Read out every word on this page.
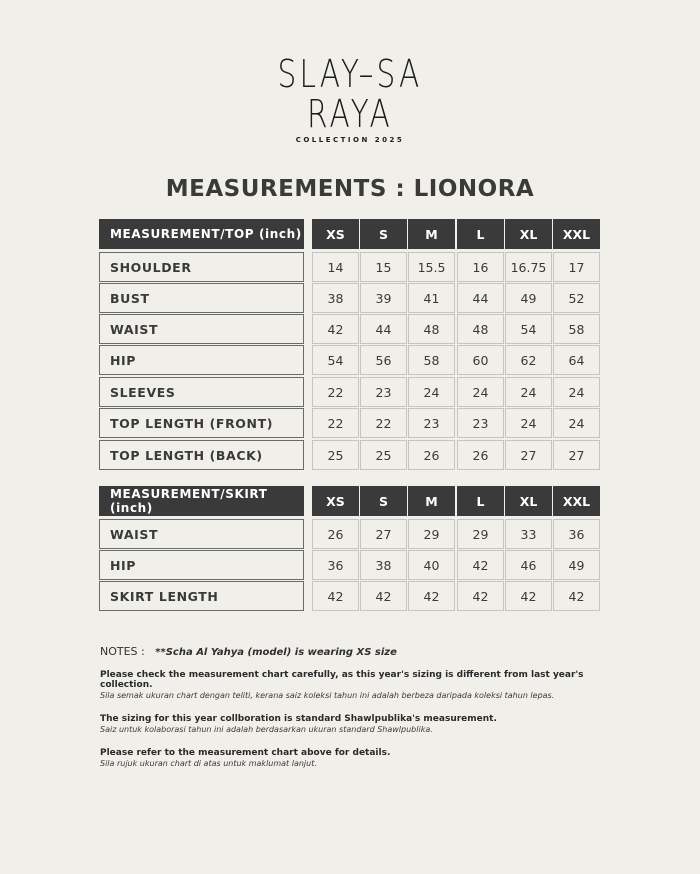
SLAY–SA
RAYA
COLLECTION 2025
MEASUREMENTS : LIONORA
MEASUREMENT/TOP (inch)	XS	S	M	L	XL	XXL
SHOULDER	14	15	15.5	16	16.75	17
BUST	38	39	41	44	49	52
WAIST	42	44	48	48	54	58
HIP	54	56	58	60	62	64
SLEEVES	22	23	24	24	24	24
TOP LENGTH (FRONT)	22	22	23	23	24	24
TOP LENGTH (BACK)	25	25	26	26	27	27
MEASUREMENT/SKIRT (inch)	XS	S	M	L	XL	XXL
WAIST	26	27	29	29	33	36
HIP	36	38	40	42	46	49
SKIRT LENGTH	42	42	42	42	42	42
NOTES : **Scha Al Yahya (model) is wearing XS size
Please check the measurement chart carefully, as this year's sizing is different from last year's collection.
Sila semak ukuran chart dengan teliti, kerana saiz koleksi tahun ini adalah berbeza daripada koleksi tahun lepas.
The sizing for this year collboration is standard Shawlpublika's measurement.
Saiz untuk kolaborasi tahun ini adalah berdasarkan ukuran standard Shawlpublika.
Please refer to the measurement chart above for details.
Sila rujuk ukuran chart di atas untuk maklumat lanjut.
